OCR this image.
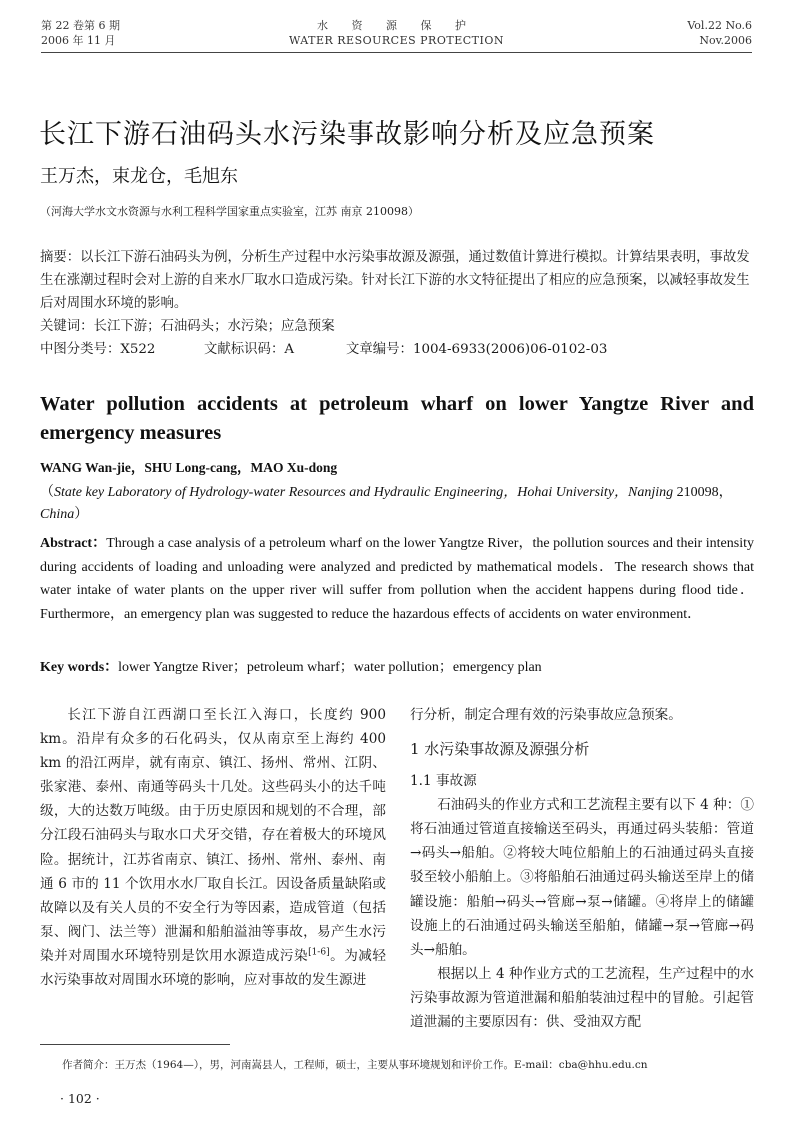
第 22 卷第 6 期
2006 年 11 月
水 资 源 保 护
WATER RESOURCES PROTECTION
Vol.22 No.6
Nov.2006
长江下游石油码头水污染事故影响分析及应急预案
王万杰，束龙仓，毛旭东
（河海大学水文水资源与水利工程科学国家重点实验室，江苏 南京 210098）

摘要：以长江下游石油码头为例，分析生产过程中水污染事故源及源强，通过数值计算进行模拟。计算结果表明，事故发生在涨潮过程时会对上游的自来水厂取水口造成污染。针对长江下游的水文特征提出了相应的应急预案，以减轻事故发生后对周围水环境的影响。

关键词：长江下游；石油码头；水污染；应急预案

中图分类号：X522	文献标识码：A	文章编号：1004-6933(2006)06-0102-03
Water pollution accidents at petroleum wharf on lower Yangtze River and emergency measures
WANG Wan-jie，SHU Long-cang，MAO Xu-dong
（State key Laboratory of Hydrology-water Resources and Hydraulic Engineering，Hohai University，Nanjing 210098，
China）
Abstract：Through a case analysis of a petroleum wharf on the lower Yangtze River，the pollution sources and their intensity during accidents of loading and unloading were analyzed and predicted by mathematical models．The research shows that water intake of water plants on the upper river will suffer from pollution when the accident happens during flood tide．Furthermore，an emergency plan was suggested to reduce the hazardous effects of accidents on water environment．
Key words：lower Yangtze River；petroleum wharf；water pollution；emergency plan

长江下游自江西湖口至长江入海口，长度约 900 km。沿岸有众多的石化码头，仅从南京至上海约 400 km 的沿江两岸，就有南京、镇江、扬州、常州、江阴、张家港、泰州、南通等码头十几处。这些码头小的达千吨级，大的达数万吨级。由于历史原因和规划的不合理，部分江段石油码头与取水口犬牙交错，存在着极大的环境风险。据统计，江苏省南京、镇江、扬州、常州、泰州、南通 6 市的 11 个饮用水水厂取自长江。因设备质量缺陷或故障以及有关人员的不安全行为等因素，造成管道（包括泵、阀门、法兰等）泄漏和船舶溢油等事故，易产生水污染并对周围水环境特别是饮用水源造成污染[1-6]。为减轻水污染事故对周围水环境的影响，应对事故的发生源进

行分析，制定合理有效的污染事故应急预案。

1 水污染事故源及源强分析

1.1 事故源

石油码头的作业方式和工艺流程主要有以下 4 种：①将石油通过管道直接输送至码头，再通过码头装船：管道→码头→船舶。②将较大吨位船舶上的石油通过码头直接驳至较小船舶上。③将船舶石油通过码头输送至岸上的储罐设施：船舶→码头→管廊→泵→储罐。④将岸上的储罐设施上的石油通过码头输送至船舶，储罐→泵→管廊→码头→船舶。

根据以上 4 种作业方式的工艺流程，生产过程中的水污染事故源为管道泄漏和船舶装油过程中的冒舱。引起管道泄漏的主要原因有：供、受油双方配

作者简介：王万杰（1964—），男，河南嵩县人，工程师，硕士，主要从事环境规划和评价工作。E-mail：cba@hhu.edu.cn
· 102 ·
